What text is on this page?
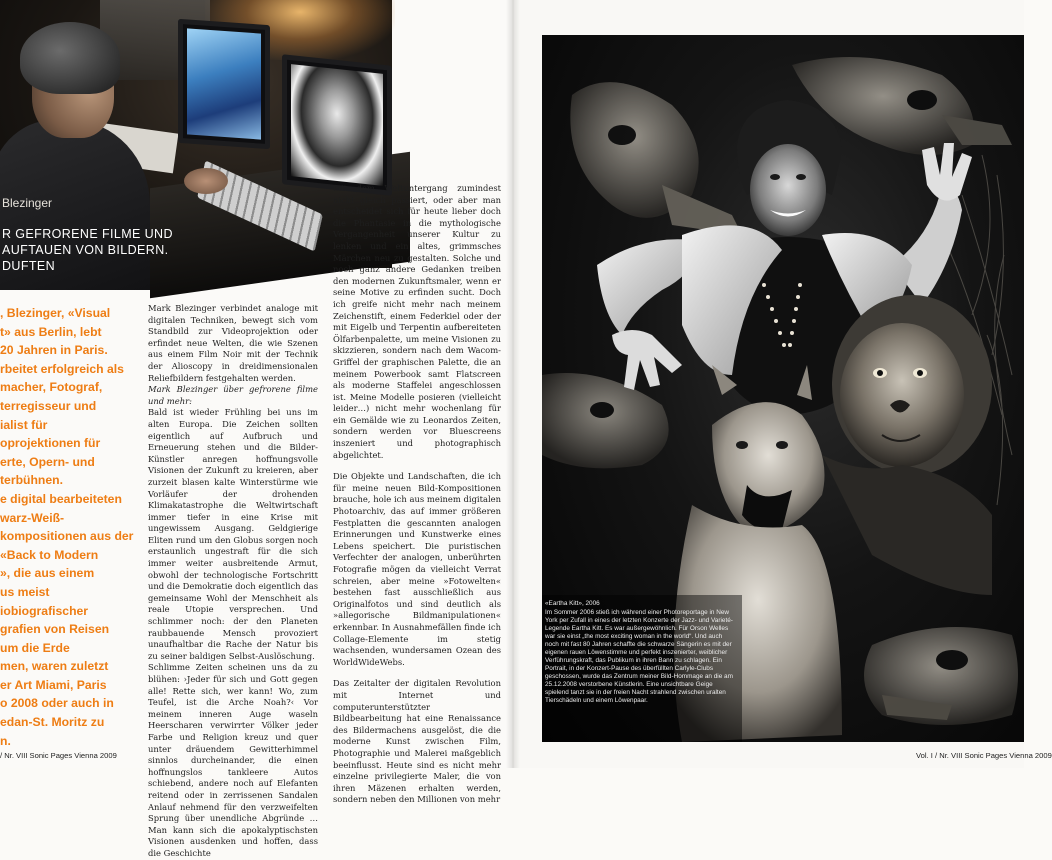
Blezinger
R GEFRORENE FILME UND
AUFTAUEN VON BILDERN.
DUFTEN

, Blezinger, «Visual

t» aus Berlin, lebt

20 Jahren in Paris.

rbeitet erfolgreich als

macher, Fotograf,

terregisseur und

ialist für

oprojektionen für

erte, Opern- und

terbühnen.

e digital bearbeiteten

warz-Weiß-

kompositionen aus der

«Back to Modern

», die aus einem

us meist

iobiografischer

grafien von Reisen

um die Erde

men, waren zuletzt

er Art Miami, Paris

o 2008 oder auch in

edan-St. Moritz zu

n.

Mark Blezinger verbindet analoge mit digitalen Techniken, bewegt sich vom Standbild zur Videoprojektion oder erfindet neue Welten, die wie Szenen aus einem Film Noir mit der Technik der Alioscopy in dreidimensionalen Reliefbildern festgehalten werden.

Mark Blezinger über gefrorene filme und mehr:

Bald ist wieder Frühling bei uns im alten Europa. Die Zeichen sollten eigentlich auf Aufbruch und Erneuerung stehen und die Bilder-Künstler anregen hoffnungsvolle Visionen der Zukunft zu kreieren, aber zurzeit blasen kalte Winterstürme wie Vorläufer der drohenden Klimakatastrophe die Weltwirtschaft immer tiefer in eine Krise mit ungewissem Ausgang. Geldgierige Eliten rund um den Globus sorgen noch erstaunlich ungestraft für die sich immer weiter ausbreitende Armut, obwohl der technologische Fortschritt und die Demokratie doch eigentlich das gemeinsame Wohl der Menschheit als reale Utopie versprechen. Und schlimmer noch: der den Planeten raubbauende Mensch provoziert unaufhaltbar die Rache der Natur bis zu seiner baldigen Selbst-Auslöschung.

Schlimme Zeiten scheinen uns da zu blühen: ›Jeder für sich und Gott gegen alle! Rette sich, wer kann! Wo, zum Teufel, ist die Arche Noah?‹ Vor meinem inneren Auge waseln Heerscharen verwirrter Völker jeder Farbe und Religion kreuz und quer unter dräuendem Gewitterhimmel sinnlos durcheinander, die einen hoffnungslos tankleere Autos schiebend, andere noch auf Elefanten reitend oder in zerrissenen Sandalen Anlauf nehmend für den verzweifelten Sprung über unendliche Abgründe … Man kann sich die apokalyptischsten Visionen ausdenken und hoffen, dass die Geschichte

mit dem Weltuntergang zumindest nicht gleich passiert, oder aber man entscheidet sich für heute lieber doch die Phantasie in die mythologische Vergangenheit unserer Kultur zu lenken und ein altes, grimmsches Märchen neu zu gestalten. Solche und noch ganz andere Gedanken treiben den modernen Zukunftsmaler, wenn er seine Motive zu erfinden sucht. Doch ich greife nicht mehr nach meinem Zeichenstift, einem Federkiel oder der mit Eigelb und Terpentin aufbereiteten Ölfarbenpalette, um meine Visionen zu skizzieren, sondern nach dem Wacom-Griffel der graphischen Palette, die an meinem Powerbook samt Flatscreen als moderne Staffelei angeschlossen ist. Meine Modelle posieren (vielleicht leider…) nicht mehr wochenlang für ein Gemälde wie zu Leonardos Zeiten, sondern werden vor Bluescreens inszeniert und photographisch abgelichtet.

Die Objekte und Landschaften, die ich für meine neuen Bild-Kompositionen brauche, hole ich aus meinem digitalen Photoarchiv, das auf immer größeren Festplatten die gescannten analogen Erinnerungen und Kunstwerke eines Lebens speichert. Die puristischen Verfechter der analogen, unberührten Fotografie mögen da vielleicht Verrat schreien, aber meine »Fotowelten« bestehen fast ausschließlich aus Originalfotos und sind deutlich als »allegorische Bildmanipulationen« erkennbar. In Ausnahmefällen finde ich Collage-Elemente im stetig wachsenden, wundersamen Ozean des WorldWideWebs.

Das Zeitalter der digitalen Revolution mit Internet und computerunterstützter Bildbearbeitung hat eine Renaissance des Bildermachens ausgelöst, die die moderne Kunst zwischen Film, Photographie und Malerei maßgeblich beeinflusst. Heute sind es nicht mehr einzelne privilegierte Maler, die von ihren Mäzenen erhalten werden, sondern neben den Millionen von mehr

/ Nr. VIII Sonic Pages Vienna 2009
«Eartha Kitt», 2006
Im Sommer 2006 stieß ich während einer Photoreportage in New York per Zufall in eines der letzten Konzerte der Jazz- und Varieté-Legende Eartha Kitt. Es war außergewöhnlich. Für Orson Welles war sie einst „the most exciting woman in the world“. Und auch noch mit fast 80 Jahren schaffte die schwarze Sängerin es mit der eigenen rauen Löwenstimme und perfekt inszenierter, weiblicher Verführungskraft, das Publikum in ihren Bann zu schlagen. Ein Portrait, in der Konzert-Pause des überfüllten Carlyle-Clubs geschossen, wurde das Zentrum meiner Bild-Hommage an die am 25.12.2008 verstorbene Künstlerin. Eine unsichtbare Geige spielend tanzt sie in der freien Nacht strahlend zwischen uralten Tierschädeln und einem Löwenpaar.
Vol. I / Nr. VIII Sonic Pages Vienna 2009
